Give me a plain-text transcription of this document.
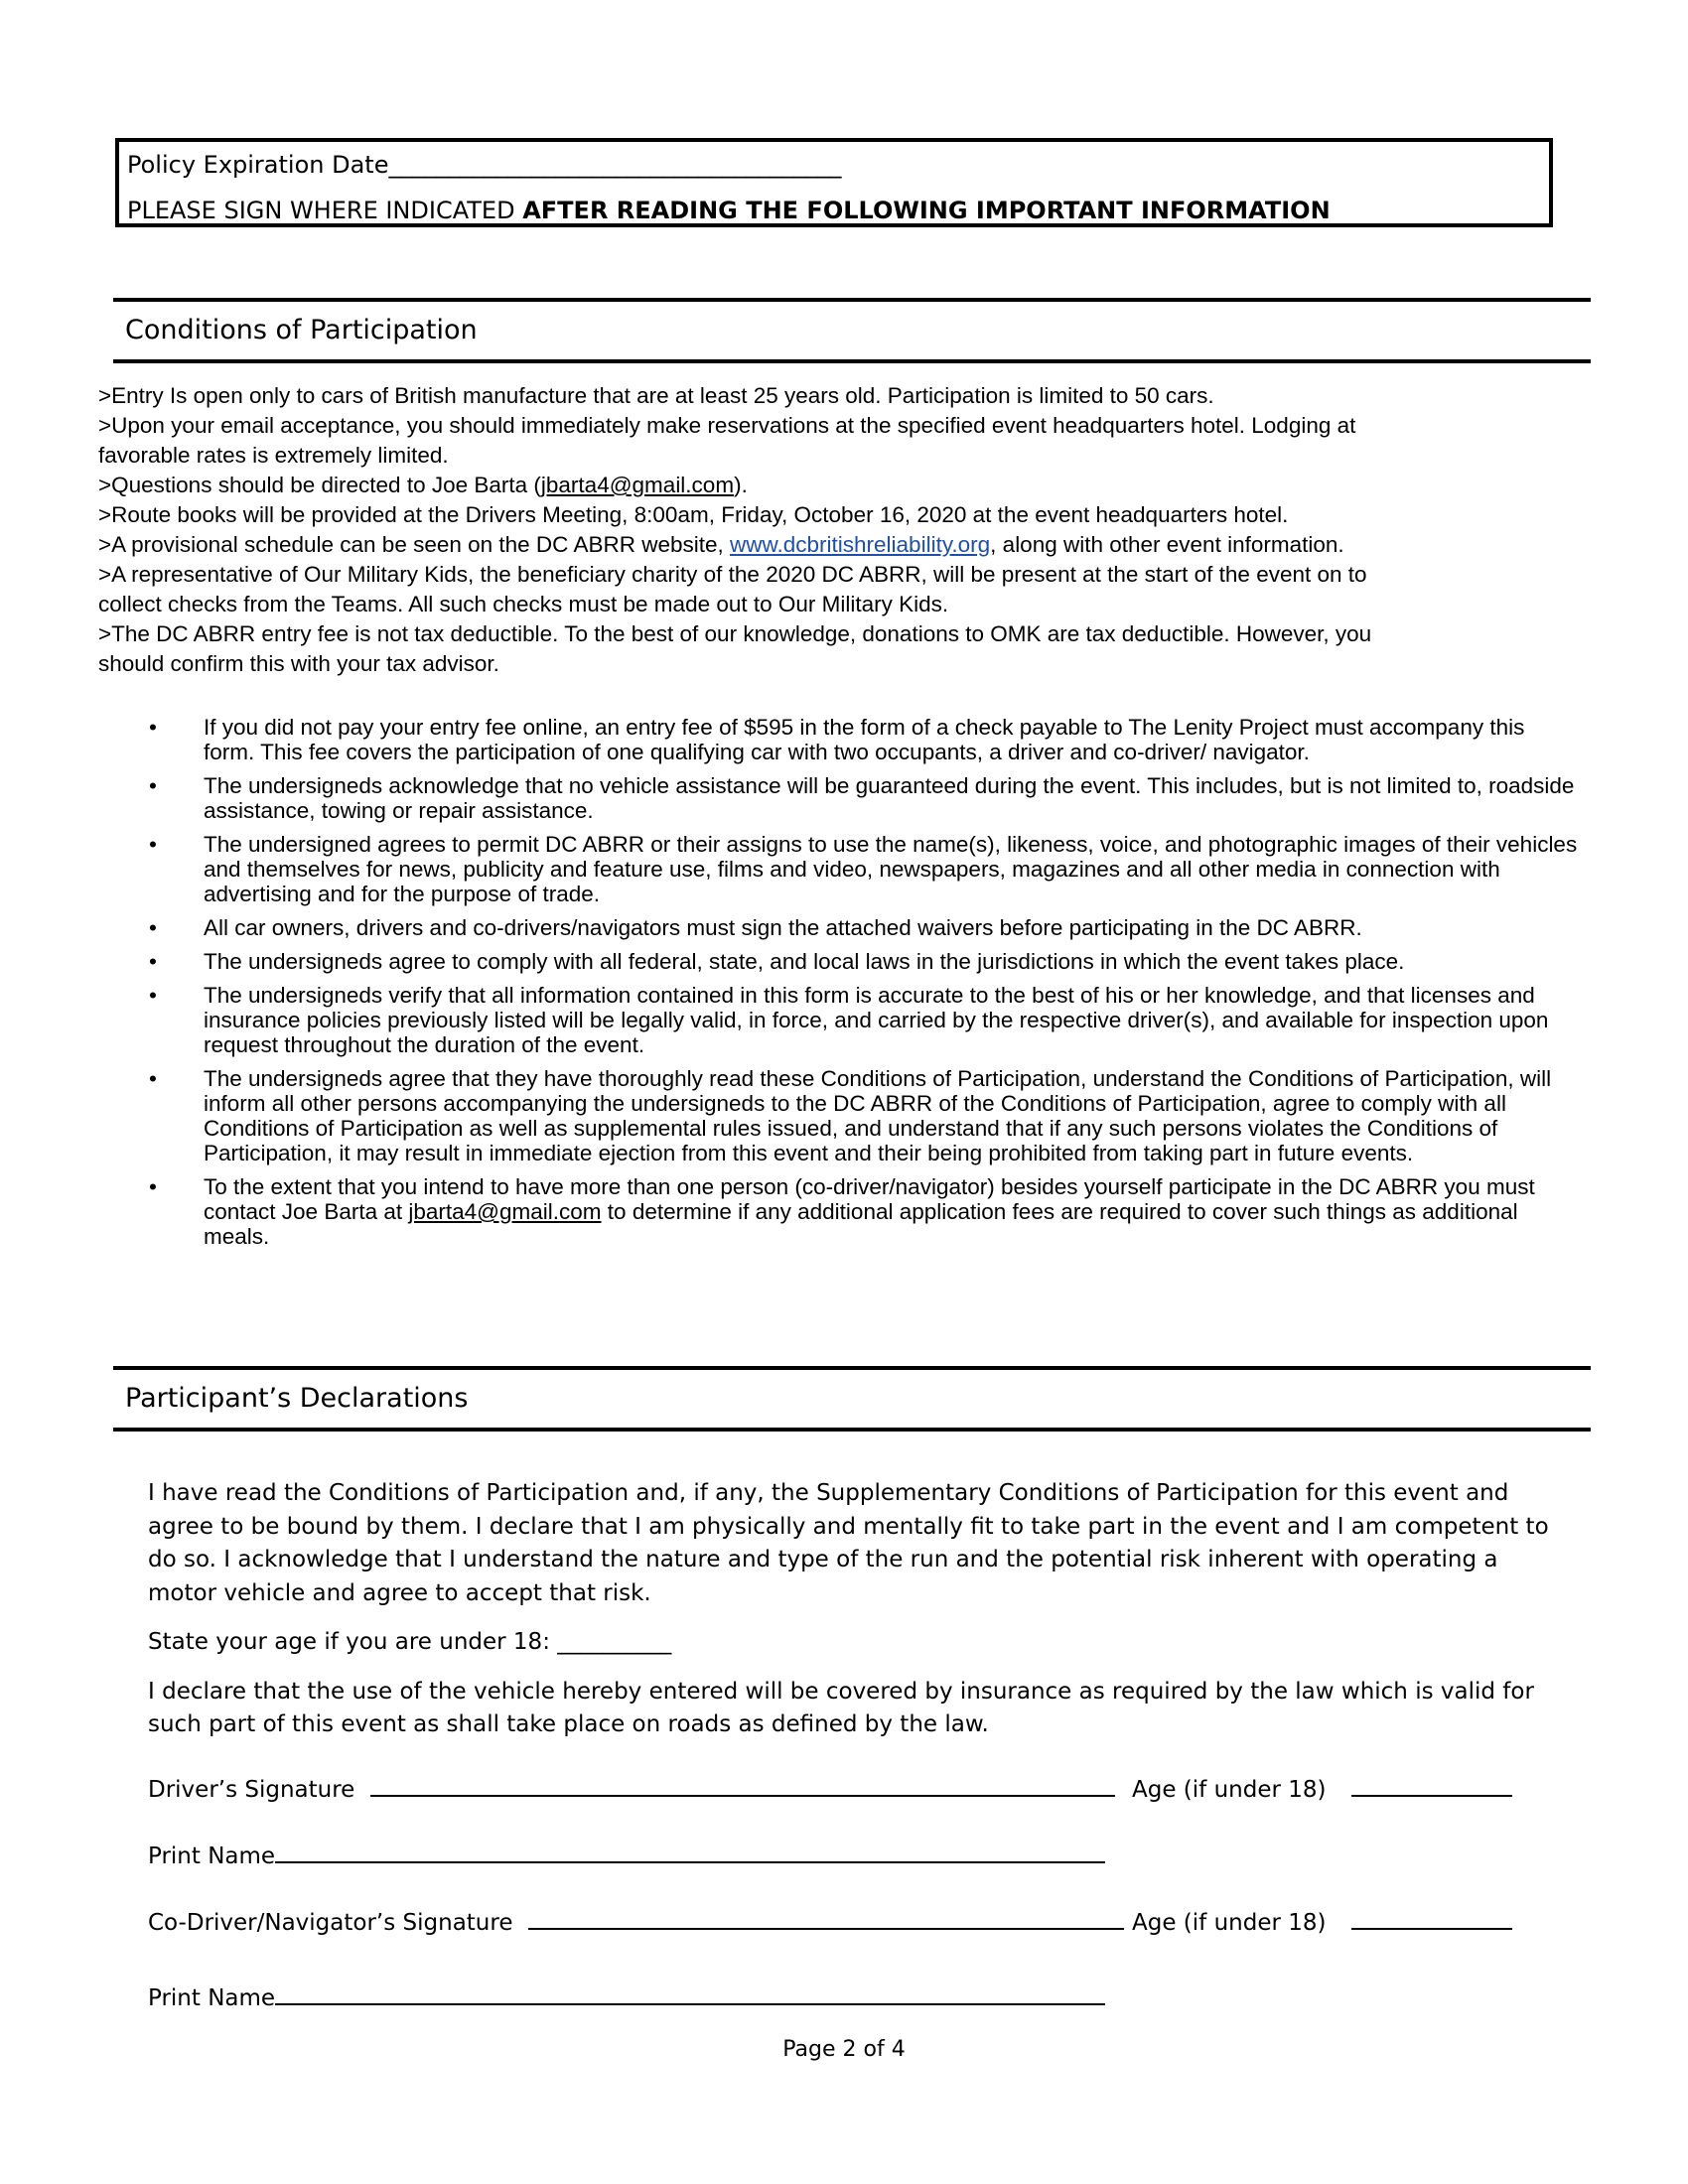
Policy Expiration Date______________________________________
PLEASE SIGN WHERE INDICATED AFTER READING THE FOLLOWING IMPORTANT INFORMATION
Conditions of Participation

>Entry Is open only to cars of British manufacture that are at least 25 years old. Participation is limited to 50 cars.

>Upon your email acceptance, you should immediately make reservations at the specified event headquarters hotel. Lodging at

favorable rates is extremely limited.

>Questions should be directed to Joe Barta (jbarta4@gmail.com).

>Route books will be provided at the Drivers Meeting, 8:00am, Friday, October 16, 2020 at the event headquarters hotel.

>A provisional schedule can be seen on the DC ABRR website, www.dcbritishreliability.org, along with other event information.

>A representative of Our Military Kids, the beneficiary charity of the 2020 DC ABRR, will be present at the start of the event on to

collect checks from the Teams. All such checks must be made out to Our Military Kids.

>The DC ABRR entry fee is not tax deductible. To the best of our knowledge, donations to OMK are tax deductible. However, you

should confirm this with your tax advisor.

• If you did not pay your entry fee online, an entry fee of $595 in the form of a check payable to The Lenity Project must accompany this form. This fee covers the participation of one qualifying car with two occupants, a driver and co-driver/ navigator.
• The undersigneds acknowledge that no vehicle assistance will be guaranteed during the event. This includes, but is not limited to, roadside assistance, towing or repair assistance.
• The undersigned agrees to permit DC ABRR or their assigns to use the name(s), likeness, voice, and photographic images of their vehicles and themselves for news, publicity and feature use, films and video, newspapers, magazines and all other media in connection with advertising and for the purpose of trade.
• All car owners, drivers and co-drivers/navigators must sign the attached waivers before participating in the DC ABRR.
• The undersigneds agree to comply with all federal, state, and local laws in the jurisdictions in which the event takes place.
• The undersigneds verify that all information contained in this form is accurate to the best of his or her knowledge, and that licenses and insurance policies previously listed will be legally valid, in force, and carried by the respective driver(s), and available for inspection upon request throughout the duration of the event.
• The undersigneds agree that they have thoroughly read these Conditions of Participation, understand the Conditions of Participation, will inform all other persons accompanying the undersigneds to the DC ABRR of the Conditions of Participation, agree to comply with all Conditions of Participation as well as supplemental rules issued, and understand that if any such persons violates the Conditions of Participation, it may result in immediate ejection from this event and their being prohibited from taking part in future events.
• To the extent that you intend to have more than one person (co-driver/navigator) besides yourself participate in the DC ABRR you must contact Joe Barta at jbarta4@gmail.com to determine if any additional application fees are required to cover such things as additional meals.
Participant’s Declarations

I have read the Conditions of Participation and, if any, the Supplementary Conditions of Participation for this event and agree to be bound by them. I declare that I am physically and mentally fit to take part in the event and I am competent to do so. I acknowledge that I understand the nature and type of the run and the potential risk inherent with operating a motor vehicle and agree to accept that risk.

State your age if you are under 18: __________

I declare that the use of the vehicle hereby entered will be covered by insurance as required by the law which is valid for such part of this event as shall take place on roads as defined by the law.

Driver’s Signature	Age (if under 18)
Print Name
Co-Driver/Navigator’s Signature	Age (if under 18)
Print Name
Page 2 of 4
